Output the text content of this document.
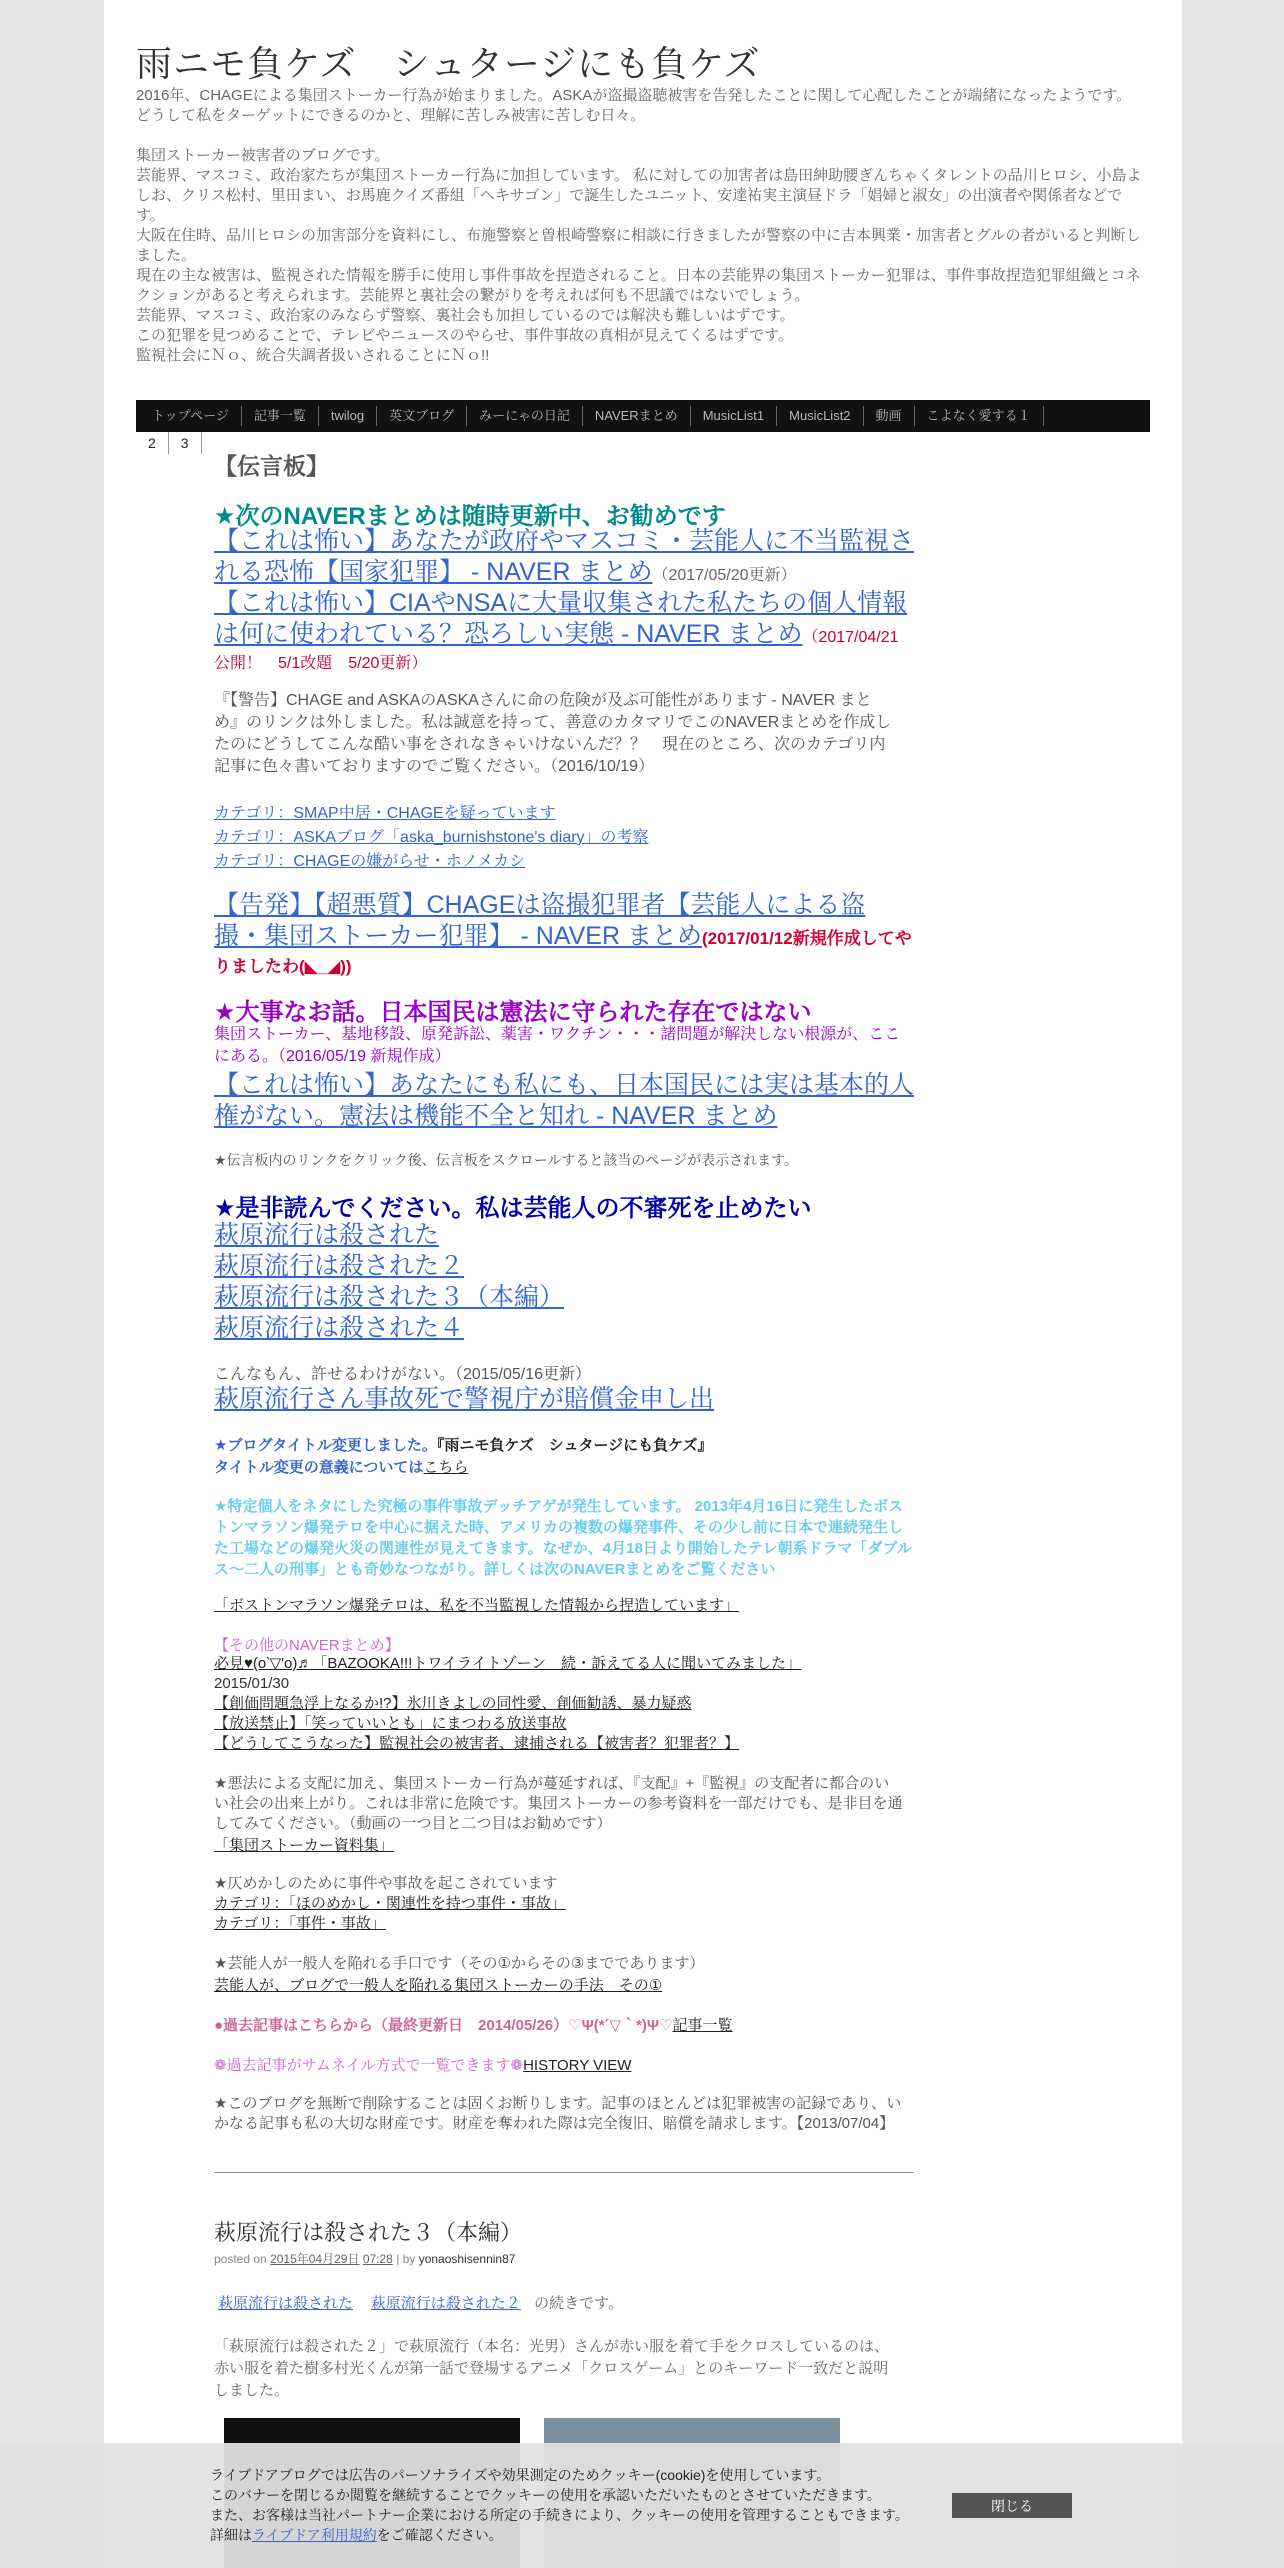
雨ニモ負ケズ　シュタージにも負ケズ

2016年、CHAGEによる集団ストーカー行為が始まりました。ASKAが盗撮盗聴被害を告発したことに関して心配したことが端緒になったようです。 どうして私をターゲットにできるのかと、理解に苦しみ被害に苦しむ日々。

集団ストーカー被害者のブログです。

芸能界、マスコミ、政治家たちが集団ストーカー行為に加担しています。 私に対しての加害者は島田紳助腰ぎんちゃくタレントの品川ヒロシ、小島よしお、クリス松村、里田まい、お馬鹿クイズ番組「ヘキサゴン」で誕生したユニット、安達祐実主演昼ドラ「娼婦と淑女」の出演者や関係者などです。

大阪在住時、品川ヒロシの加害部分を資料にし、布施警察と曽根崎警察に相談に行きましたが警察の中に吉本興業・加害者とグルの者がいると判断しました。

現在の主な被害は、監視された情報を勝手に使用し事件事故を捏造されること。日本の芸能界の集団ストーカー犯罪は、事件事故捏造犯罪組織とコネクションがあると考えられます。芸能界と裏社会の繋がりを考えれば何も不思議ではないでしょう。

芸能界、マスコミ、政治家のみならず警察、裏社会も加担しているのでは解決も難しいはずです。

この犯罪を見つめることで、テレビやニュースのやらせ、事件事故の真相が見えてくるはずです。

監視社会にＮｏ、統合失調者扱いされることにＮｏ!!

トップページ	記事一覧	twilog	英文ブログ	みーにゃの日記	NAVERまとめ	MusicList1	MusicList2	動画	こよなく愛する１
2	3
【伝言板】
★次のNAVERまとめは随時更新中、お勧めです
【これは怖い】あなたが政府やマスコミ・芸能人に不当監視される恐怖【国家犯罪】 - NAVER まとめ（2017/05/20更新）
【これは怖い】CIAやNSAに大量収集された私たちの個人情報は何に使われている？恐ろしい実態 - NAVER まとめ（2017/04/21公開！　5/1改題　5/20更新）
『【警告】CHAGE and ASKAのASKAさんに命の危険が及ぶ可能性があります - NAVER まとめ』のリンクは外しました。私は誠意を持って、善意のカタマリでこのNAVERまとめを作成したのにどうしてこんな酷い事をされなきゃいけないんだ？？　現在のところ、次のカテゴリ内記事に色々書いておりますのでご覧ください。（2016/10/19）
カテゴリ：SMAP中居・CHAGEを疑っています
カテゴリ：ASKAブログ「aska_burnishstone's diary」の考察
カテゴリ：CHAGEの嫌がらせ・ホノメカシ
【告発】【超悪質】CHAGEは盗撮犯罪者【芸能人による盗撮・集団ストーカー犯罪】 - NAVER まとめ(2017/01/12新規作成してやりましたわ(◣_◢))
★大事なお話。日本国民は憲法に守られた存在ではない
集団ストーカー、基地移設、原発訴訟、薬害・ワクチン・・・諸問題が解決しない根源が、ここにある。（2016/05/19 新規作成）
【これは怖い】あなたにも私にも、日本国民には実は基本的人権がない。憲法は機能不全と知れ - NAVER まとめ
★伝言板内のリンクをクリック後、伝言板をスクロールすると該当のページが表示されます。
★是非読んでください。私は芸能人の不審死を止めたい
萩原流行は殺された
萩原流行は殺された２
萩原流行は殺された３（本編）
萩原流行は殺された４
こんなもん、許せるわけがない。（2015/05/16更新）
萩原流行さん事故死で警視庁が賠償金申し出
★ブログタイトル変更しました。『雨ニモ負ケズ　シュタージにも負ケズ』
タイトル変更の意義についてはこちら
★特定個人をネタにした究極の事件事故デッチアゲが発生しています。 2013年4月16日に発生したボストンマラソン爆発テロを中心に据えた時、アメリカの複数の爆発事件、その少し前に日本で連続発生した工場などの爆発火災の関連性が見えてきます。なぜか、4月18日より開始したテレ朝系ドラマ「ダブルス～二人の刑事」とも奇妙なつながり。詳しくは次のNAVERまとめをご覧ください
「ボストンマラソン爆発テロは、私を不当監視した情報から捏造しています」
【その他のNAVERまとめ】
必見♥(o‵▽′o)♬「BAZOOKA!!!トワイライトゾーン　続・訴えてる人に聞いてみました」
2015/01/30
【創価問題急浮上なるか!?】氷川きよしの同性愛、創価勧誘、暴力疑惑
【放送禁止】「笑っていいとも」にまつわる放送事故
【どうしてこうなった】監視社会の被害者、逮捕される【被害者？犯罪者？】
★悪法による支配に加え、集団ストーカー行為が蔓延すれば、『支配』+『監視』の支配者に都合のいい社会の出来上がり。これは非常に危険です。集団ストーカーの参考資料を一部だけでも、是非目を通してみてください。（動画の一つ目と二つ目はお勧めです）
「集団ストーカー資料集」
★仄めかしのために事件や事故を起こされています
カテゴリ：「ほのめかし・関連性を持つ事件・事故」
カテゴリ：「事件・事故」
★芸能人が一般人を陥れる手口です（その①からその③までであります）
芸能人が、ブログで一般人を陥れる集団ストーカーの手法　その①
●過去記事はこちらから（最終更新日　2014/05/26）♡Ψ(*´▽｀*)Ψ♡記事一覧
❁過去記事がサムネイル方式で一覧できます❁HISTORY VIEW
★このブログを無断で削除することは固くお断りします。記事のほとんどは犯罪被害の記録であり、いかなる記事も私の大切な財産です。財産を奪われた際は完全復旧、賠償を請求します。【2013/07/04】
萩原流行は殺された３（本編）
posted on 2015年04月29日 07:28 | by yonaoshisennin87
萩原流行は殺された 萩原流行は殺された２ の続きです。
「萩原流行は殺された２」で萩原流行（本名：光男）さんが赤い服を着て手をクロスしているのは、 赤い服を着た樹多村光くんが第一話で登場するアニメ「クロスゲーム」とのキーワード一致だと説明しました。
ライブドアブログでは広告のパーソナライズや効果測定のためクッキー(cookie)を使用しています。
このバナーを閉じるか閲覧を継続することでクッキーの使用を承認いただいたものとさせていただきます。
また、お客様は当社パートナー企業における所定の手続きにより、クッキーの使用を管理することもできます。
詳細はライブドア利用規約をご確認ください。
閉じる
